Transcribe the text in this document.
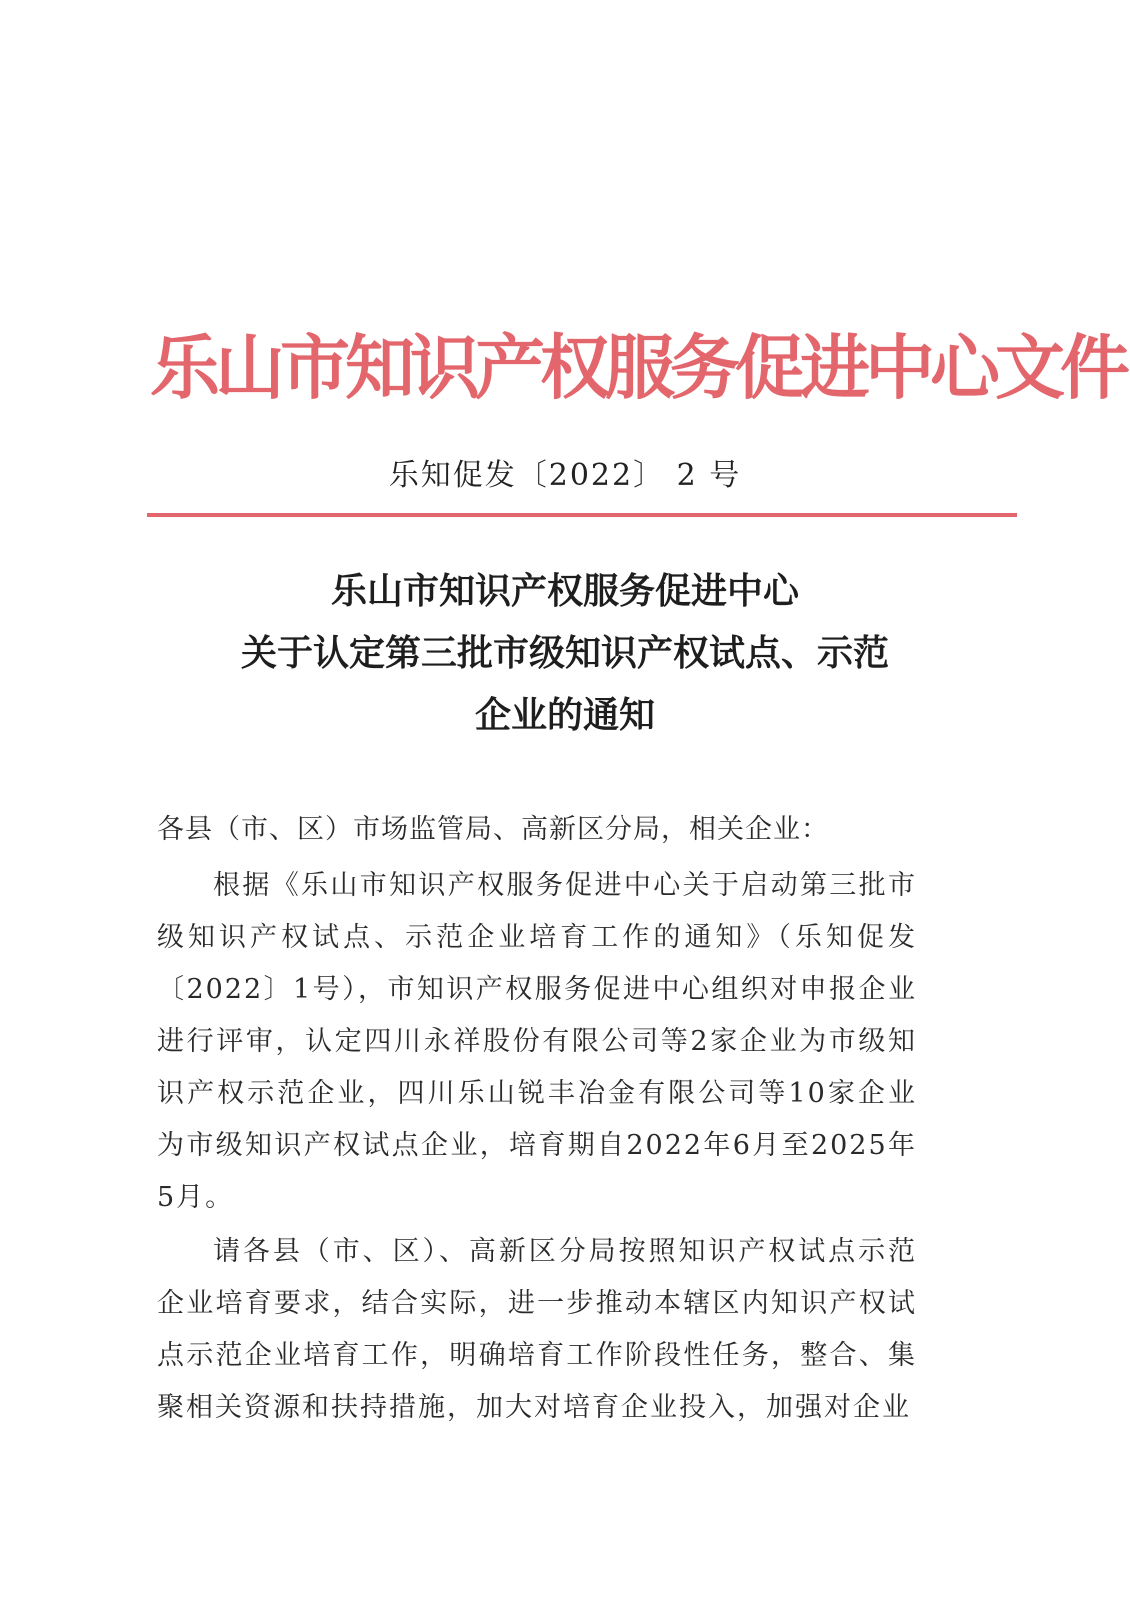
乐山市知识产权服务促进中心文件
乐知促发〔2022〕 2 号
乐山市知识产权服务促进中心
关于认定第三批市级知识产权试点、示范
企业的通知
各县（市、区）市场监管局、高新区分局，相关企业：
根据《乐山市知识产权服务促进中心关于启动第三批市级知识产权试点、示范企业培育工作的通知》（乐知促发〔2022〕1号），市知识产权服务促进中心组织对申报企业进行评审，认定四川永祥股份有限公司等2家企业为市级知识产权示范企业，四川乐山锐丰冶金有限公司等10家企业为市级知识产权试点企业，培育期自2022年6月至2025年5月。
请各县（市、区）、高新区分局按照知识产权试点示范企业培育要求，结合实际，进一步推动本辖区内知识产权试点示范企业培育工作，明确培育工作阶段性任务，整合、集聚相关资源和扶持措施，加大对培育企业投入，加强对企业
